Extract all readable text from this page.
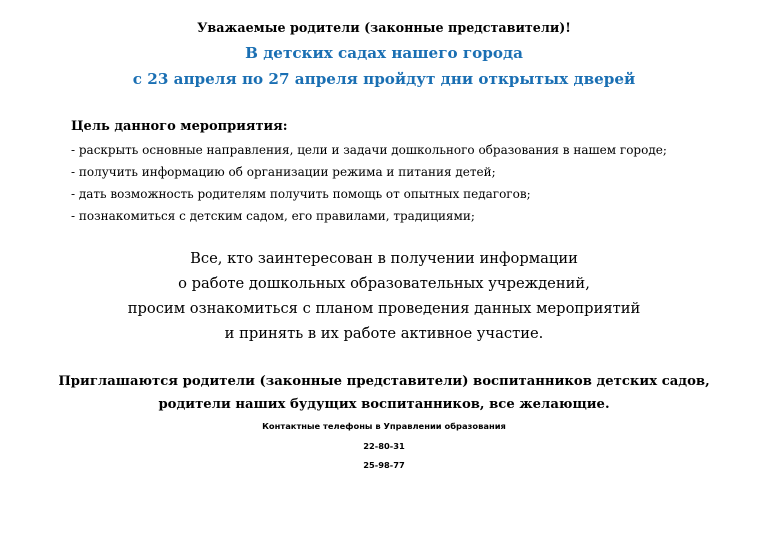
Уважаемые родители (законные представители)!
В детских садах нашего города
с 23 апреля по 27 апреля пройдут дни открытых дверей
Цель данного мероприятия:
- раскрыть основные направления, цели и задачи дошкольного образования в нашем городе;
- получить информацию об организации режима и питания детей;
- дать возможность родителям получить помощь от опытных педагогов;
- познакомиться с детским садом, его правилами, традициями;
Все, кто заинтересован в получении информации
о работе дошкольных образовательных учреждений,
просим ознакомиться с планом проведения данных мероприятий
и принять в их работе активное участие.
Приглашаются родители (законные представители) воспитанников детских садов,
родители наших будущих воспитанников, все желающие.
Контактные телефоны в Управлении образования
22-80-31
25-98-77
